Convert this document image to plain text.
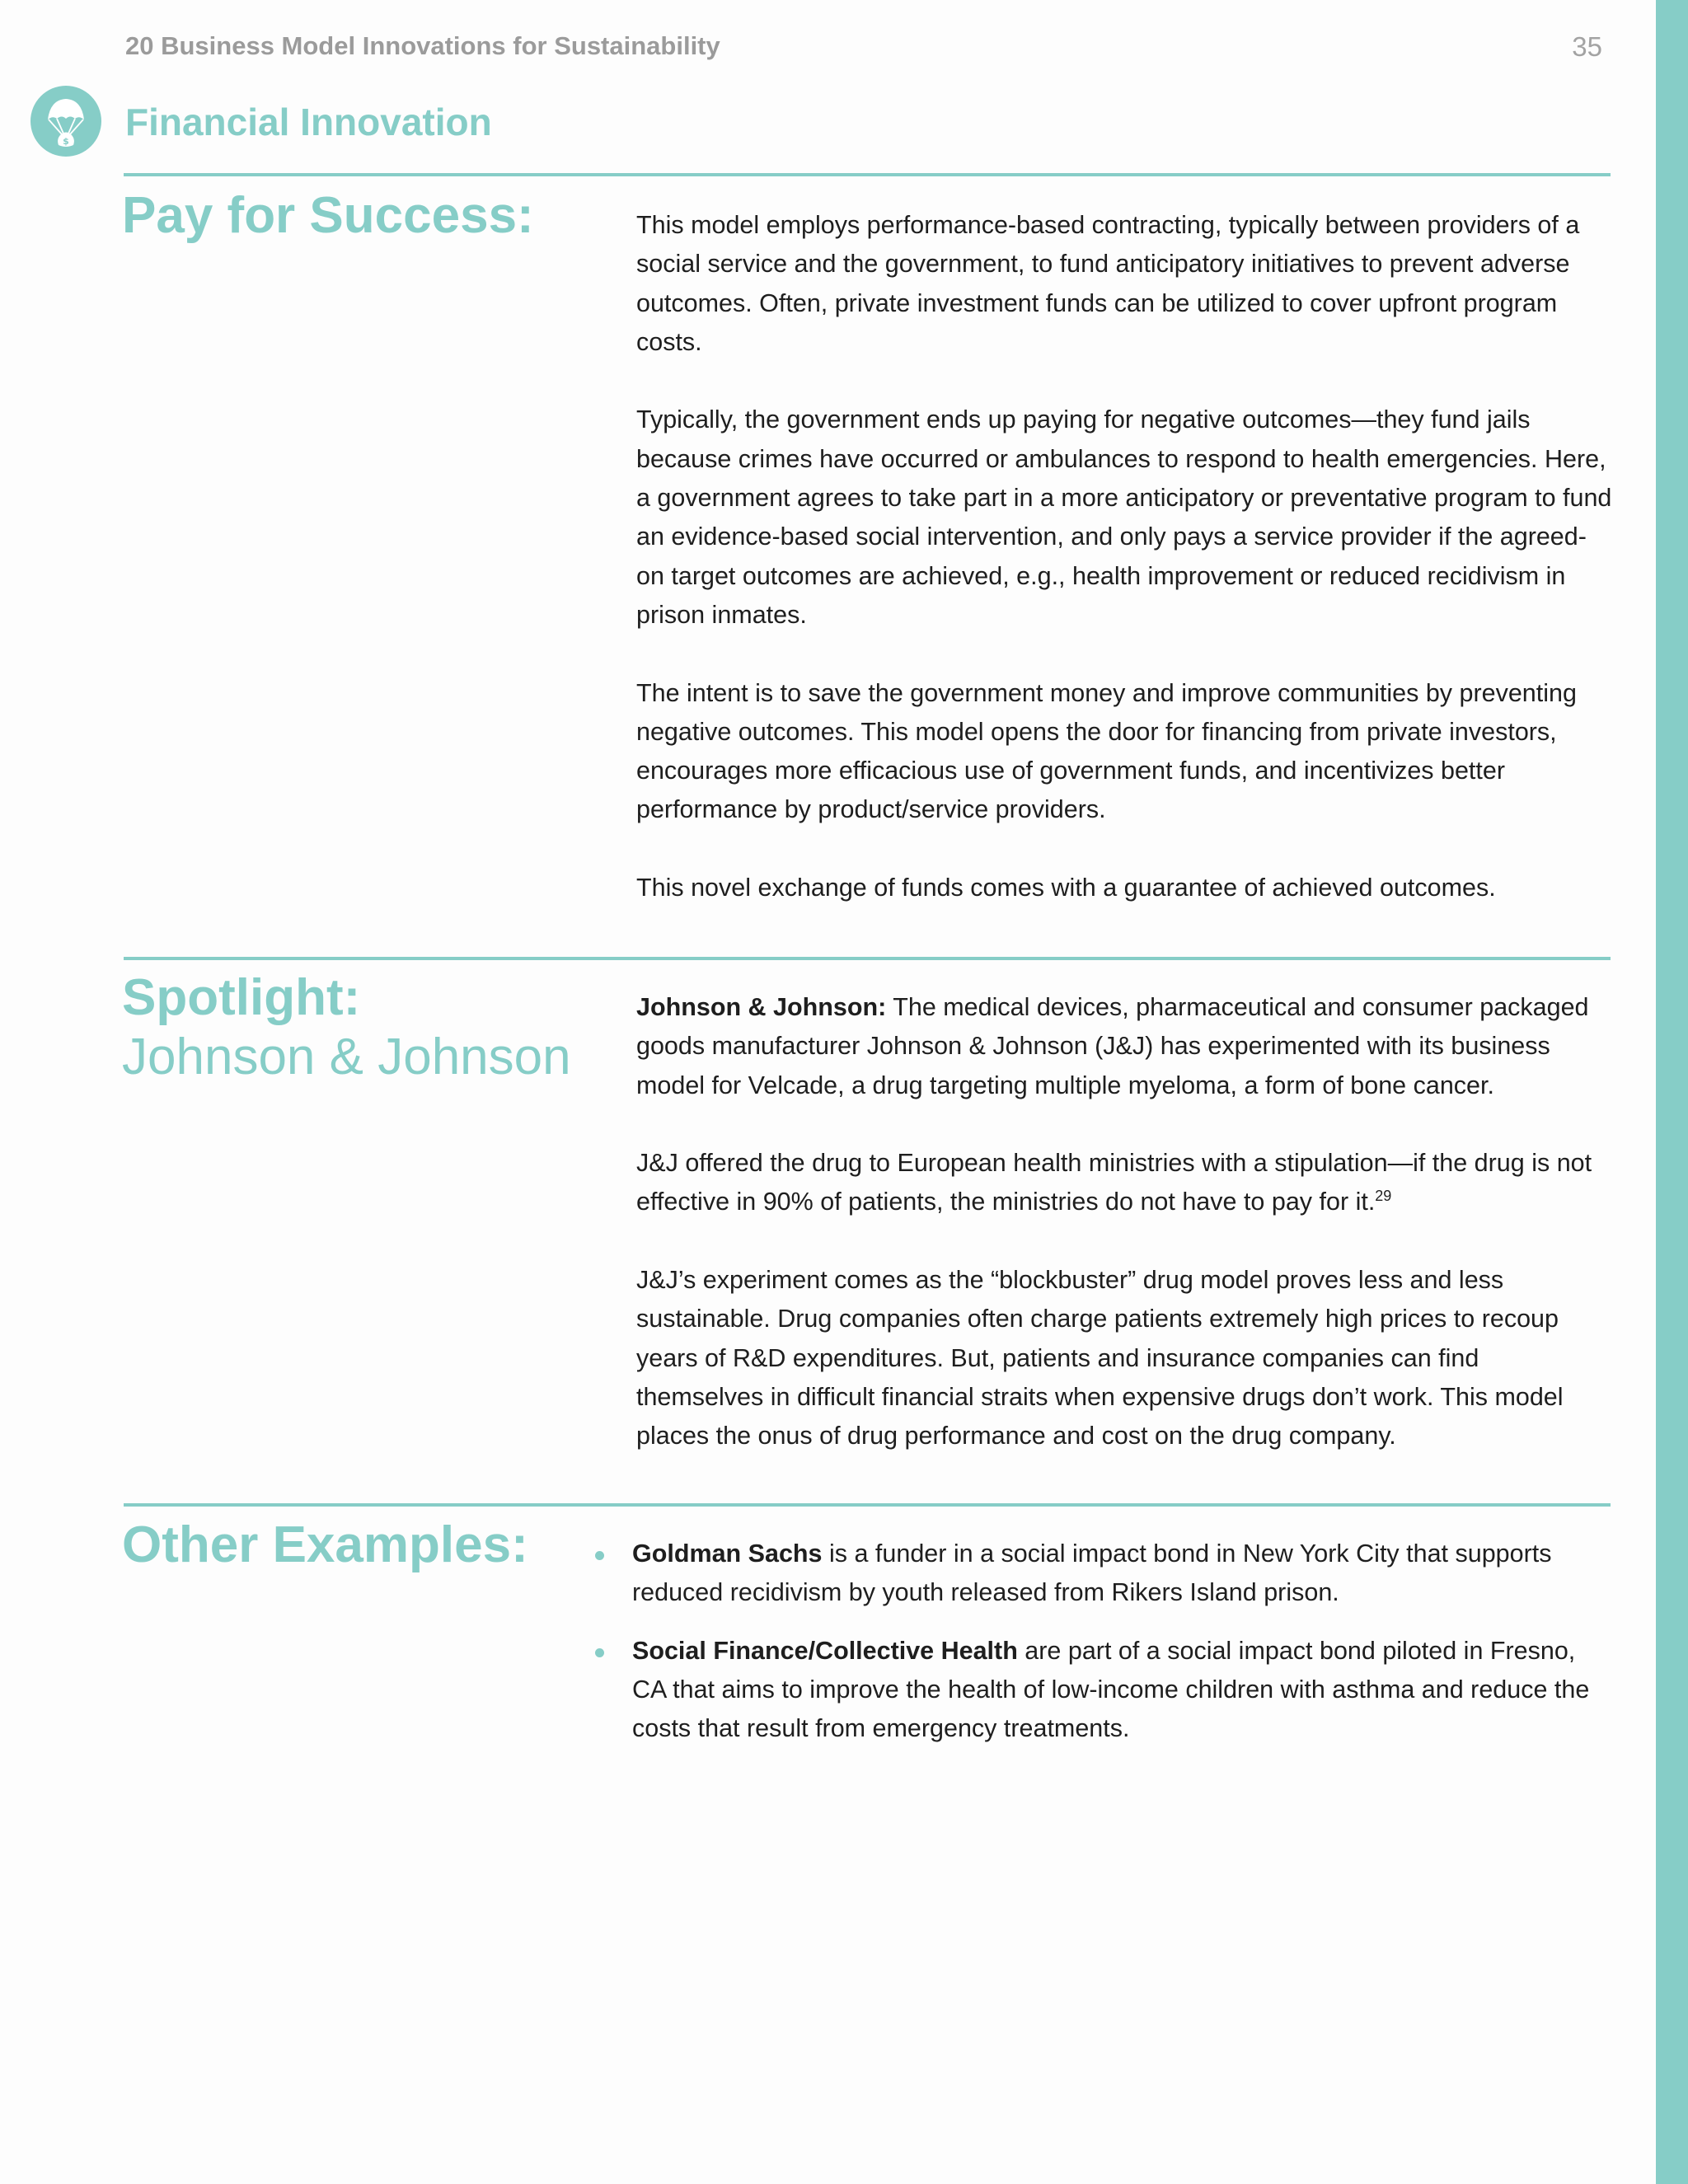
20 Business Model Innovations for Sustainability	35
$ Financial Innovation
Pay for Success:	This model employs performance-based contracting, typically between providers of a social service and the government, to fund anticipatory initiatives to prevent adverse outcomes. Often, private investment funds can be utilized to cover upfront program costs.

Typically, the government ends up paying for negative outcomes—they fund jails because crimes have occurred or ambulances to respond to health emergencies. Here, a government agrees to take part in a more anticipatory or preventative program to fund an evidence-based social intervention, and only pays a service provider if the agreed-on target outcomes are achieved, e.g., health improvement or reduced recidivism in prison inmates.

The intent is to save the government money and improve communities by preventing negative outcomes. This model opens the door for financing from private investors, encourages more efficacious use of government funds, and incentivizes better performance by product/service providers.

This novel exchange of funds comes with a guarantee of achieved outcomes.

Spotlight:
Johnson & Johnson

Johnson & Johnson: The medical devices, pharmaceutical and consumer packaged goods manufacturer Johnson & Johnson (J&J) has experimented with its business model for Velcade, a drug targeting multiple myeloma, a form of bone cancer.

J&J offered the drug to European health ministries with a stipulation—if the drug is not effective in 90% of patients, the ministries do not have to pay for it.$^{29}$

J&J’s experiment comes as the “blockbuster” drug model proves less and less sustainable. Drug companies often charge patients extremely high prices to recoup years of R&D expenditures. But, patients and insurance companies can find themselves in difficult financial straits when expensive drugs don’t work. This model places the onus of drug performance and cost on the drug company.

Other Examples:	Goldman Sachs is a funder in a social impact bond in New York City that supports reduced recidivism by youth released from Rikers Island prison.
Social Finance/Collective Health are part of a social impact bond piloted in Fresno, CA that aims to improve the health of low-income children with asthma and reduce the costs that result from emergency treatments.
